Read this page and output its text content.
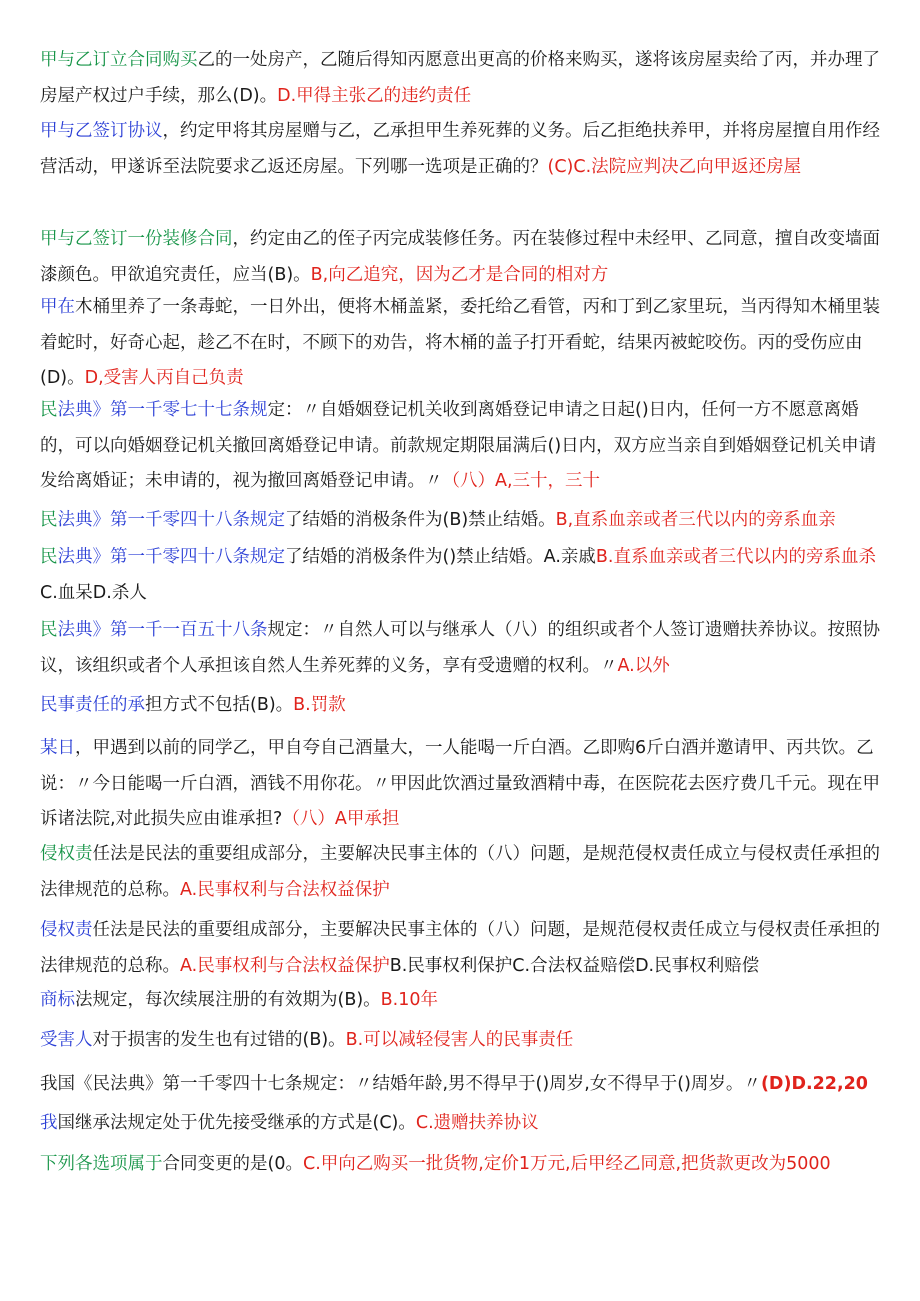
甲与乙订立合同购买乙的一处房产，乙随后得知丙愿意出更高的价格来购买，遂将该房屋卖给了丙，并办理了房屋产权过户手续，那么(D)。D.甲得主张乙的违约责任
甲与乙签订协议，约定甲将其房屋赠与乙，乙承担甲生养死葬的义务。后乙拒绝扶养甲，并将房屋擅自用作经营活动，甲遂诉至法院要求乙返还房屋。下列哪一选项是正确的？(C)C.法院应判决乙向甲返还房屋
甲与乙签订一份装修合同，约定由乙的侄子丙完成装修任务。丙在装修过程中未经甲、乙同意，擅自改变墙面漆颜色。甲欲追究责任，应当(B)。B,向乙追究，因为乙才是合同的相对方
甲在木桶里养了一条毒蛇，一日外出，便将木桶盖紧，委托给乙看管，丙和丁到乙家里玩，当丙得知木桶里装着蛇时，好奇心起，趁乙不在时，不顾下的劝告，将木桶的盖子打开看蛇，结果丙被蛇咬伤。丙的受伤应由(D)。D,受害人丙自己负责
民法典》第一千零七十七条规定：〃自婚姻登记机关收到离婚登记申请之日起()日内，任何一方不愿意离婚的，可以向婚姻登记机关撤回离婚登记申请。前款规定期限届满后()日内，双方应当亲自到婚姻登记机关申请发给离婚证；未申请的，视为撤回离婚登记申请。〃（八）A,三十，三十
民法典》第一千零四十八条规定了结婚的消极条件为(B)禁止结婚。B,直系血亲或者三代以内的旁系血亲
民法典》第一千零四十八条规定了结婚的消极条件为()禁止结婚。A.亲戚B.直系血亲或者三代以内的旁系血杀C.血呆D.杀人
民法典》第一千一百五十八条规定：〃自然人可以与继承人（八）的组织或者个人签订遗赠扶养协议。按照协议，该组织或者个人承担该自然人生养死葬的义务，享有受遗赠的权利。〃A.以外
民事责任的承担方式不包括(B)。B.罚款
某日，甲遇到以前的同学乙，甲自夸自己酒量大，一人能喝一斤白酒。乙即购6斤白酒并邀请甲、丙共饮。乙说：〃今日能喝一斤白酒，酒钱不用你花。〃甲因此饮酒过量致酒精中毒，在医院花去医疗费几千元。现在甲诉诸法院,对此损失应由谁承担?（八）A甲承担
侵权责任法是民法的重要组成部分，主要解决民事主体的（八）问题，是规范侵权责任成立与侵权责任承担的法律规范的总称。A.民事权利与合法权益保护
侵权责任法是民法的重要组成部分，主要解决民事主体的（八）问题，是规范侵权责任成立与侵权责任承担的法律规范的总称。A.民事权利与合法权益保护B.民事权利保护C.合法权益赔偿D.民事权利赔偿
商标法规定，每次续展注册的有效期为(B)。B.10年
受害人对于损害的发生也有过错的(B)。B.可以减轻侵害人的民事责任
我国《民法典》第一千零四十七条规定：〃结婚年龄,男不得早于()周岁,女不得早于()周岁。〃(D)D.22,20
我国继承法规定处于优先接受继承的方式是(C)。C.遗赠扶养协议
下列各选项属于合同变更的是(0。C.甲向乙购买一批货物,定价1万元,后甲经乙同意,把货款更改为5000
